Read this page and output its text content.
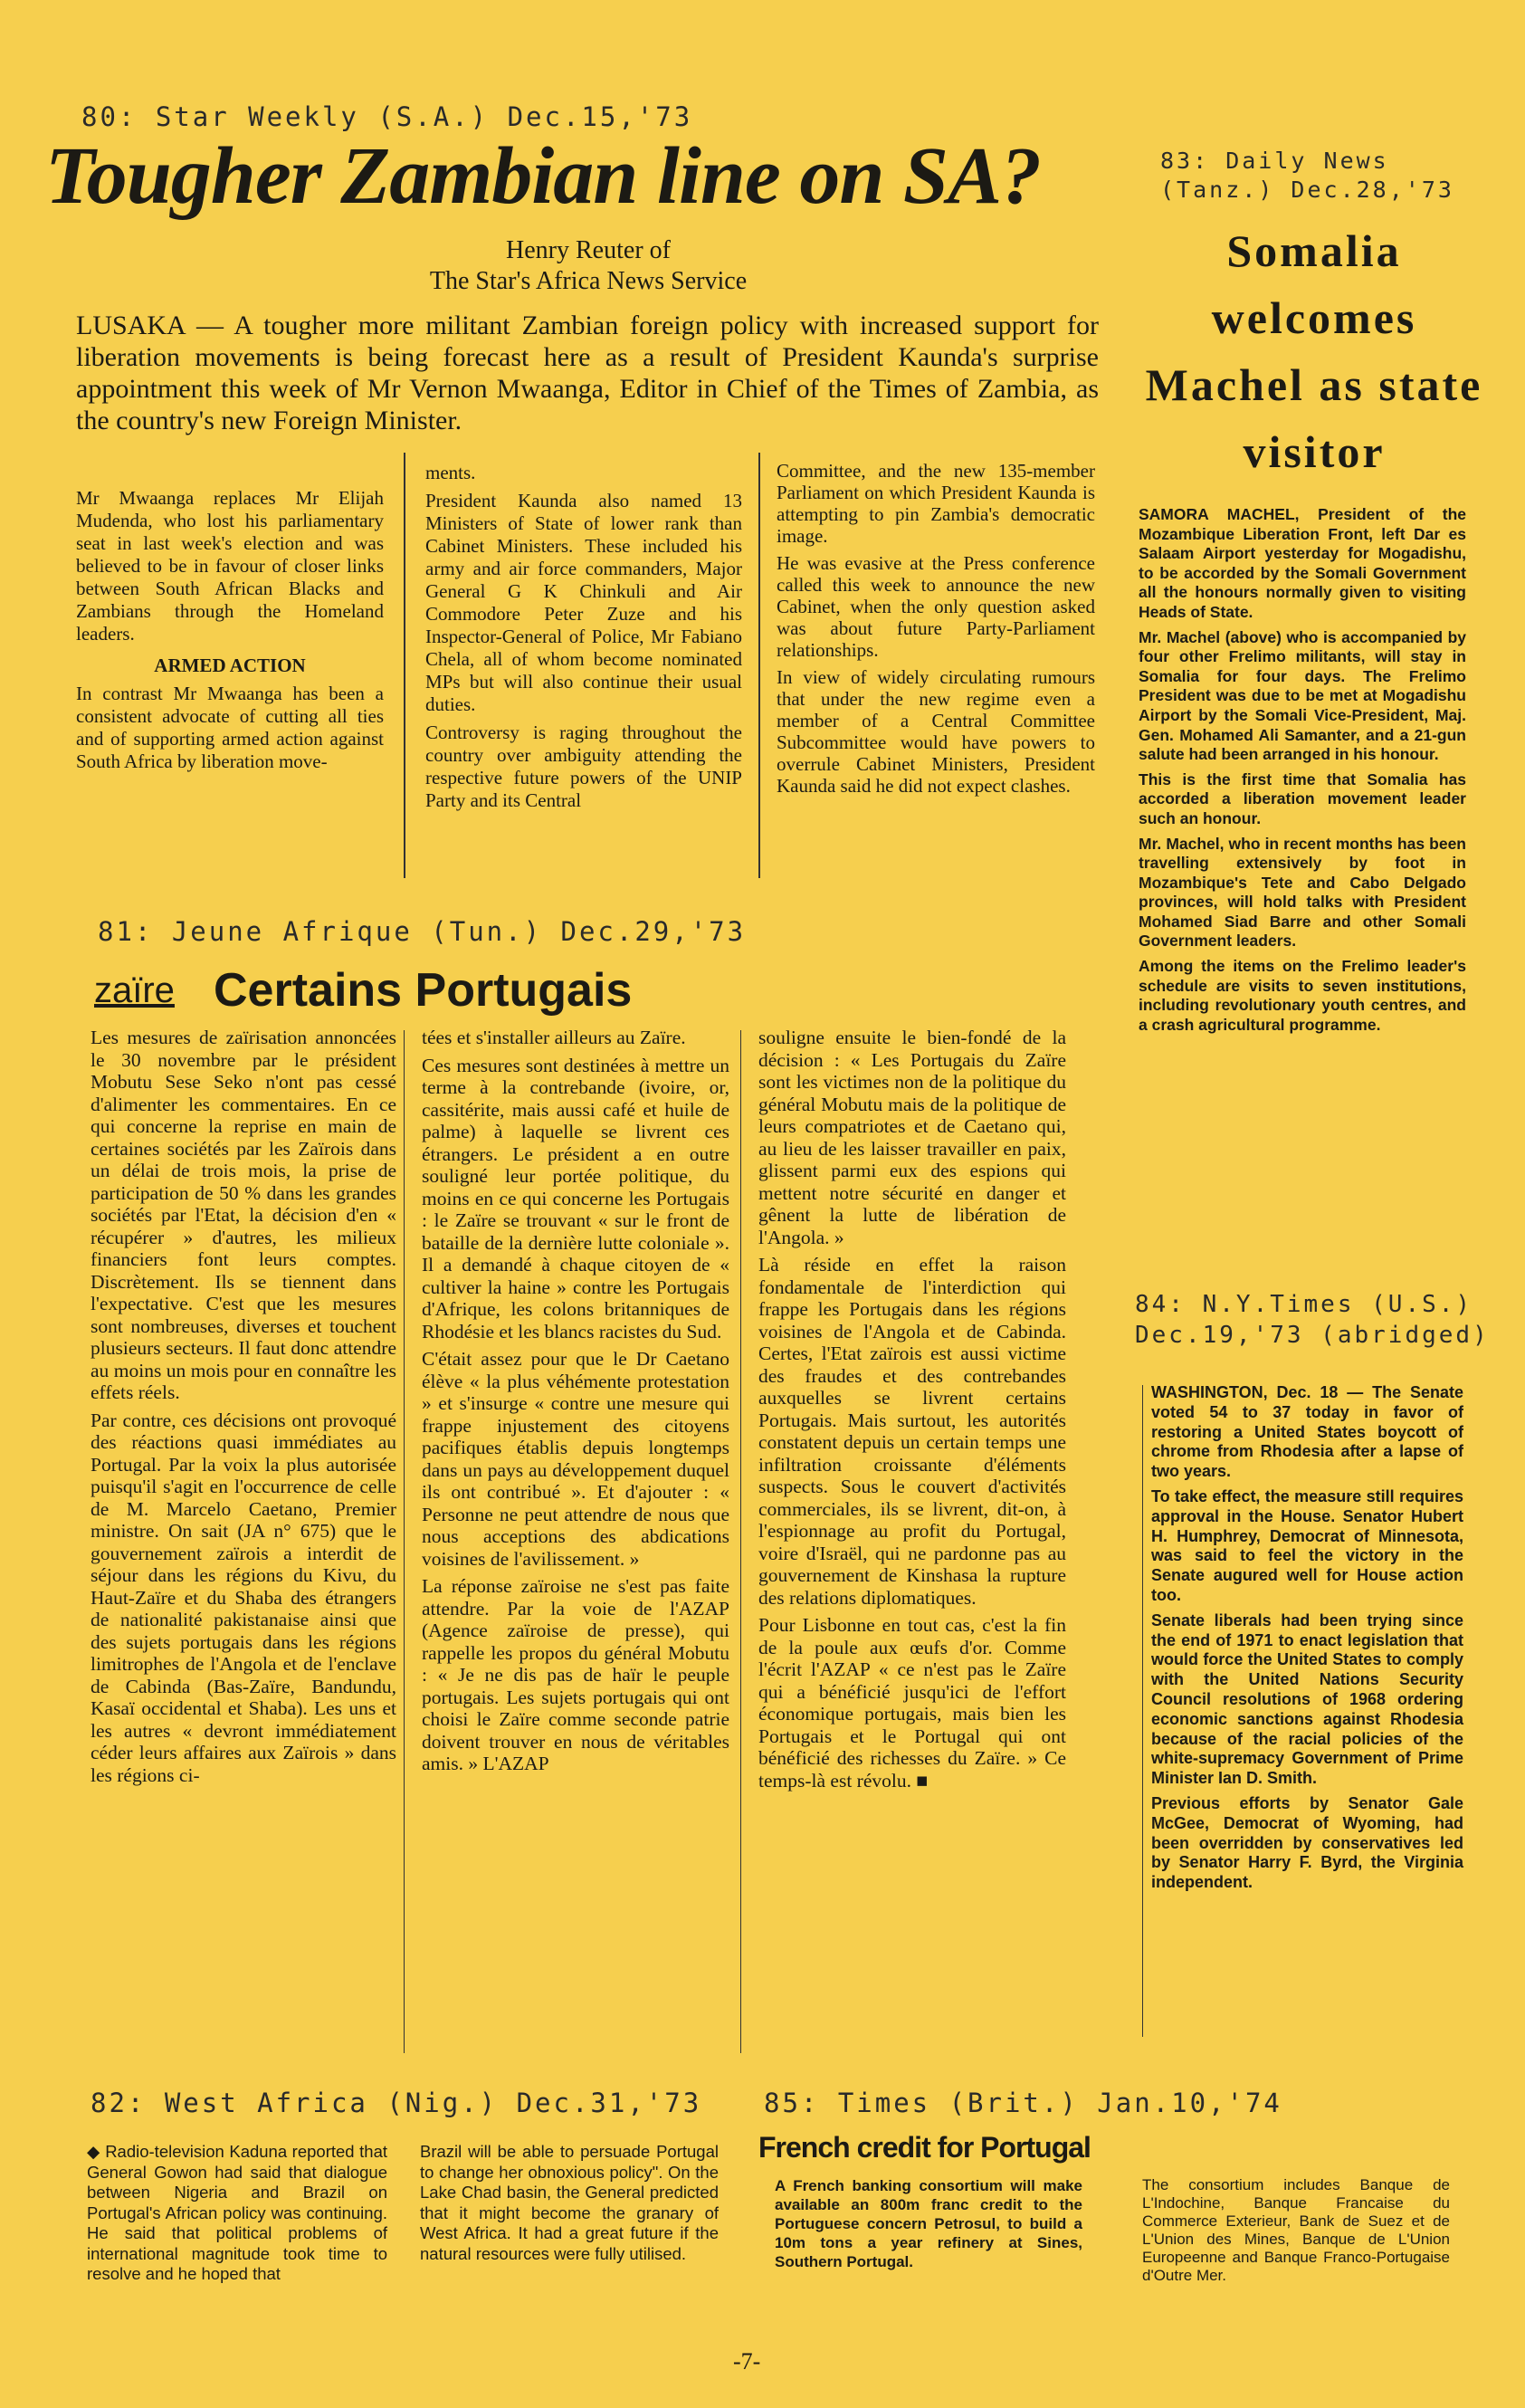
80: Star Weekly (S.A.) Dec.15,'73
Tougher Zambian line on SA?
Henry Reuter of
The Star's Africa News Service
LUSAKA — A tougher more militant Zambian foreign policy with increased support for liberation movements is being forecast here as a result of President Kaunda's surprise appointment this week of Mr Vernon Mwaanga, Editor in Chief of the Times of Zambia, as the country's new Foreign Minister.

Mr Mwaanga replaces Mr Elijah Mudenda, who lost his parliamentary seat in last week's election and was believed to be in favour of closer links between South African Blacks and Zambians through the Homeland leaders.

ARMED ACTION

In contrast Mr Mwaanga has been a consistent advocate of cutting all ties and of supporting armed action against South Africa by liberation move-

ments.

President Kaunda also named 13 Ministers of State of lower rank than Cabinet Ministers. These included his army and air force commanders, Major General G K Chinkuli and Air Commodore Peter Zuze and his Inspector-General of Police, Mr Fabiano Chela, all of whom become nominated MPs but will also continue their usual duties.

Controversy is raging throughout the country over ambiguity attending the respective future powers of the UNIP Party and its Central

Committee, and the new 135-member Parliament on which President Kaunda is attempting to pin Zambia's democratic image.

He was evasive at the Press conference called this week to announce the new Cabinet, when the only question asked was about future Party-Parliament relationships.

In view of widely circulating rumours that under the new regime even a member of a Central Committee Subcommittee would have powers to overrule Cabinet Ministers, President Kaunda said he did not expect clashes.

81: Jeune Afrique (Tun.) Dec.29,'73
zaïre Certains Portugais

Les mesures de zaïrisation annoncées le 30 novembre par le président Mobutu Sese Seko n'ont pas cessé d'alimenter les commentaires. En ce qui concerne la reprise en main de certaines sociétés par les Zaïrois dans un délai de trois mois, la prise de participation de 50 % dans les grandes sociétés par l'Etat, la décision d'en « récupérer » d'autres, les milieux financiers font leurs comptes. Discrètement. Ils se tiennent dans l'expectative. C'est que les mesures sont nombreuses, diverses et touchent plusieurs secteurs. Il faut donc attendre au moins un mois pour en connaître les effets réels.

Par contre, ces décisions ont provoqué des réactions quasi immédiates au Portugal. Par la voix la plus autorisée puisqu'il s'agit en l'occurrence de celle de M. Marcelo Caetano, Premier ministre. On sait (JA n° 675) que le gouvernement zaïrois a interdit de séjour dans les régions du Kivu, du Haut-Zaïre et du Shaba des étrangers de nationalité pakistanaise ainsi que des sujets portugais dans les régions limitrophes de l'Angola et de l'enclave de Cabinda (Bas-Zaïre, Bandundu, Kasaï occidental et Shaba). Les uns et les autres « devront immédiatement céder leurs affaires aux Zaïrois » dans les régions ci-

tées et s'installer ailleurs au Zaïre.

Ces mesures sont destinées à mettre un terme à la contrebande (ivoire, or, cassitérite, mais aussi café et huile de palme) à laquelle se livrent ces étrangers. Le président a en outre souligné leur portée politique, du moins en ce qui concerne les Portugais : le Zaïre se trouvant « sur le front de bataille de la dernière lutte coloniale ». Il a demandé à chaque citoyen de « cultiver la haine » contre les Portugais d'Afrique, les colons britanniques de Rhodésie et les blancs racistes du Sud.

C'était assez pour que le Dr Caetano élève « la plus véhémente protestation » et s'insurge « contre une mesure qui frappe injustement des citoyens pacifiques établis depuis longtemps dans un pays au développement duquel ils ont contribué ». Et d'ajouter : « Personne ne peut attendre de nous que nous acceptions des abdications voisines de l'avilissement. »

La réponse zaïroise ne s'est pas faite attendre. Par la voie de l'AZAP (Agence zaïroise de presse), qui rappelle les propos du général Mobutu : « Je ne dis pas de haïr le peuple portugais. Les sujets portugais qui ont choisi le Zaïre comme seconde patrie doivent trouver en nous de véritables amis. » L'AZAP

souligne ensuite le bien-fondé de la décision : « Les Portugais du Zaïre sont les victimes non de la politique du général Mobutu mais de la politique de leurs compatriotes et de Caetano qui, au lieu de les laisser travailler en paix, glissent parmi eux des espions qui mettent notre sécurité en danger et gênent la lutte de libération de l'Angola. »

Là réside en effet la raison fondamentale de l'interdiction qui frappe les Portugais dans les régions voisines de l'Angola et de Cabinda. Certes, l'Etat zaïrois est aussi victime des fraudes et des contrebandes auxquelles se livrent certains Portugais. Mais surtout, les autorités constatent depuis un certain temps une infiltration croissante d'éléments suspects. Sous le couvert d'activités commerciales, ils se livrent, dit-on, à l'espionnage au profit du Portugal, voire d'Israël, qui ne pardonne pas au gouvernement de Kinshasa la rupture des relations diplomatiques.

Pour Lisbonne en tout cas, c'est la fin de la poule aux œufs d'or. Comme l'écrit l'AZAP « ce n'est pas le Zaïre qui a bénéficié jusqu'ici de l'effort économique portugais, mais bien les Portugais et le Portugal qui ont bénéficié des richesses du Zaïre. » Ce temps-là est révolu. ■

82: West Africa (Nig.) Dec.31,'73
◆ Radio-television Kaduna reported that General Gowon had said that dialogue between Nigeria and Brazil on Portugal's African policy was continuing. He said that political problems of international magnitude took time to resolve and he hoped that
Brazil will be able to persuade Portugal to change her obnoxious policy". On the Lake Chad basin, the General predicted that it might become the granary of West Africa. It had a great future if the natural resources were fully utilised.
83: Daily News (Tanz.) Dec.28,'73
Somalia welcomes Machel as state visitor

SAMORA MACHEL, President of the Mozambique Liberation Front, left Dar es Salaam Airport yesterday for Mogadishu, to be accorded by the Somali Government all the honours normally given to visiting Heads of State.

Mr. Machel (above) who is accompanied by four other Frelimo militants, will stay in Somalia for four days. The Frelimo President was due to be met at Mogadishu Airport by the Somali Vice-President, Maj. Gen. Mohamed Ali Samanter, and a 21-gun salute had been arranged in his honour.

This is the first time that Somalia has accorded a liberation movement leader such an honour.

Mr. Machel, who in recent months has been travelling extensively by foot in Mozambique's Tete and Cabo Delgado provinces, will hold talks with President Mohamed Siad Barre and other Somali Government leaders.

Among the items on the Frelimo leader's schedule are visits to seven institutions, including revolutionary youth centres, and a crash agricultural programme.

84: N.Y.Times (U.S.) Dec.19,'73 (abridged)

WASHINGTON, Dec. 18 — The Senate voted 54 to 37 today in favor of restoring a United States boycott of chrome from Rhodesia after a lapse of two years.

To take effect, the measure still requires approval in the House. Senator Hubert H. Humphrey, Democrat of Minnesota, was said to feel the victory in the Senate augured well for House action too.

Senate liberals had been trying since the end of 1971 to enact legislation that would force the United States to comply with the United Nations Security Council resolutions of 1968 ordering economic sanctions against Rhodesia because of the racial policies of the white-supremacy Government of Prime Minister Ian D. Smith.

Previous efforts by Senator Gale McGee, Democrat of Wyoming, had been overridden by conservatives led by Senator Harry F. Byrd, the Virginia independent.

85: Times (Brit.) Jan.10,'74
French credit for Portugal
A French banking consortium will make available an 800m franc credit to the Portuguese concern Petrosul, to build a 10m tons a year refinery at Sines, Southern Portugal.
The consortium includes Banque de L'Indochine, Banque Francaise du Commerce Exterieur, Bank de Suez et de L'Union des Mines, Banque de L'Union Europeenne and Banque Franco-Portugaise d'Outre Mer.
-7-
